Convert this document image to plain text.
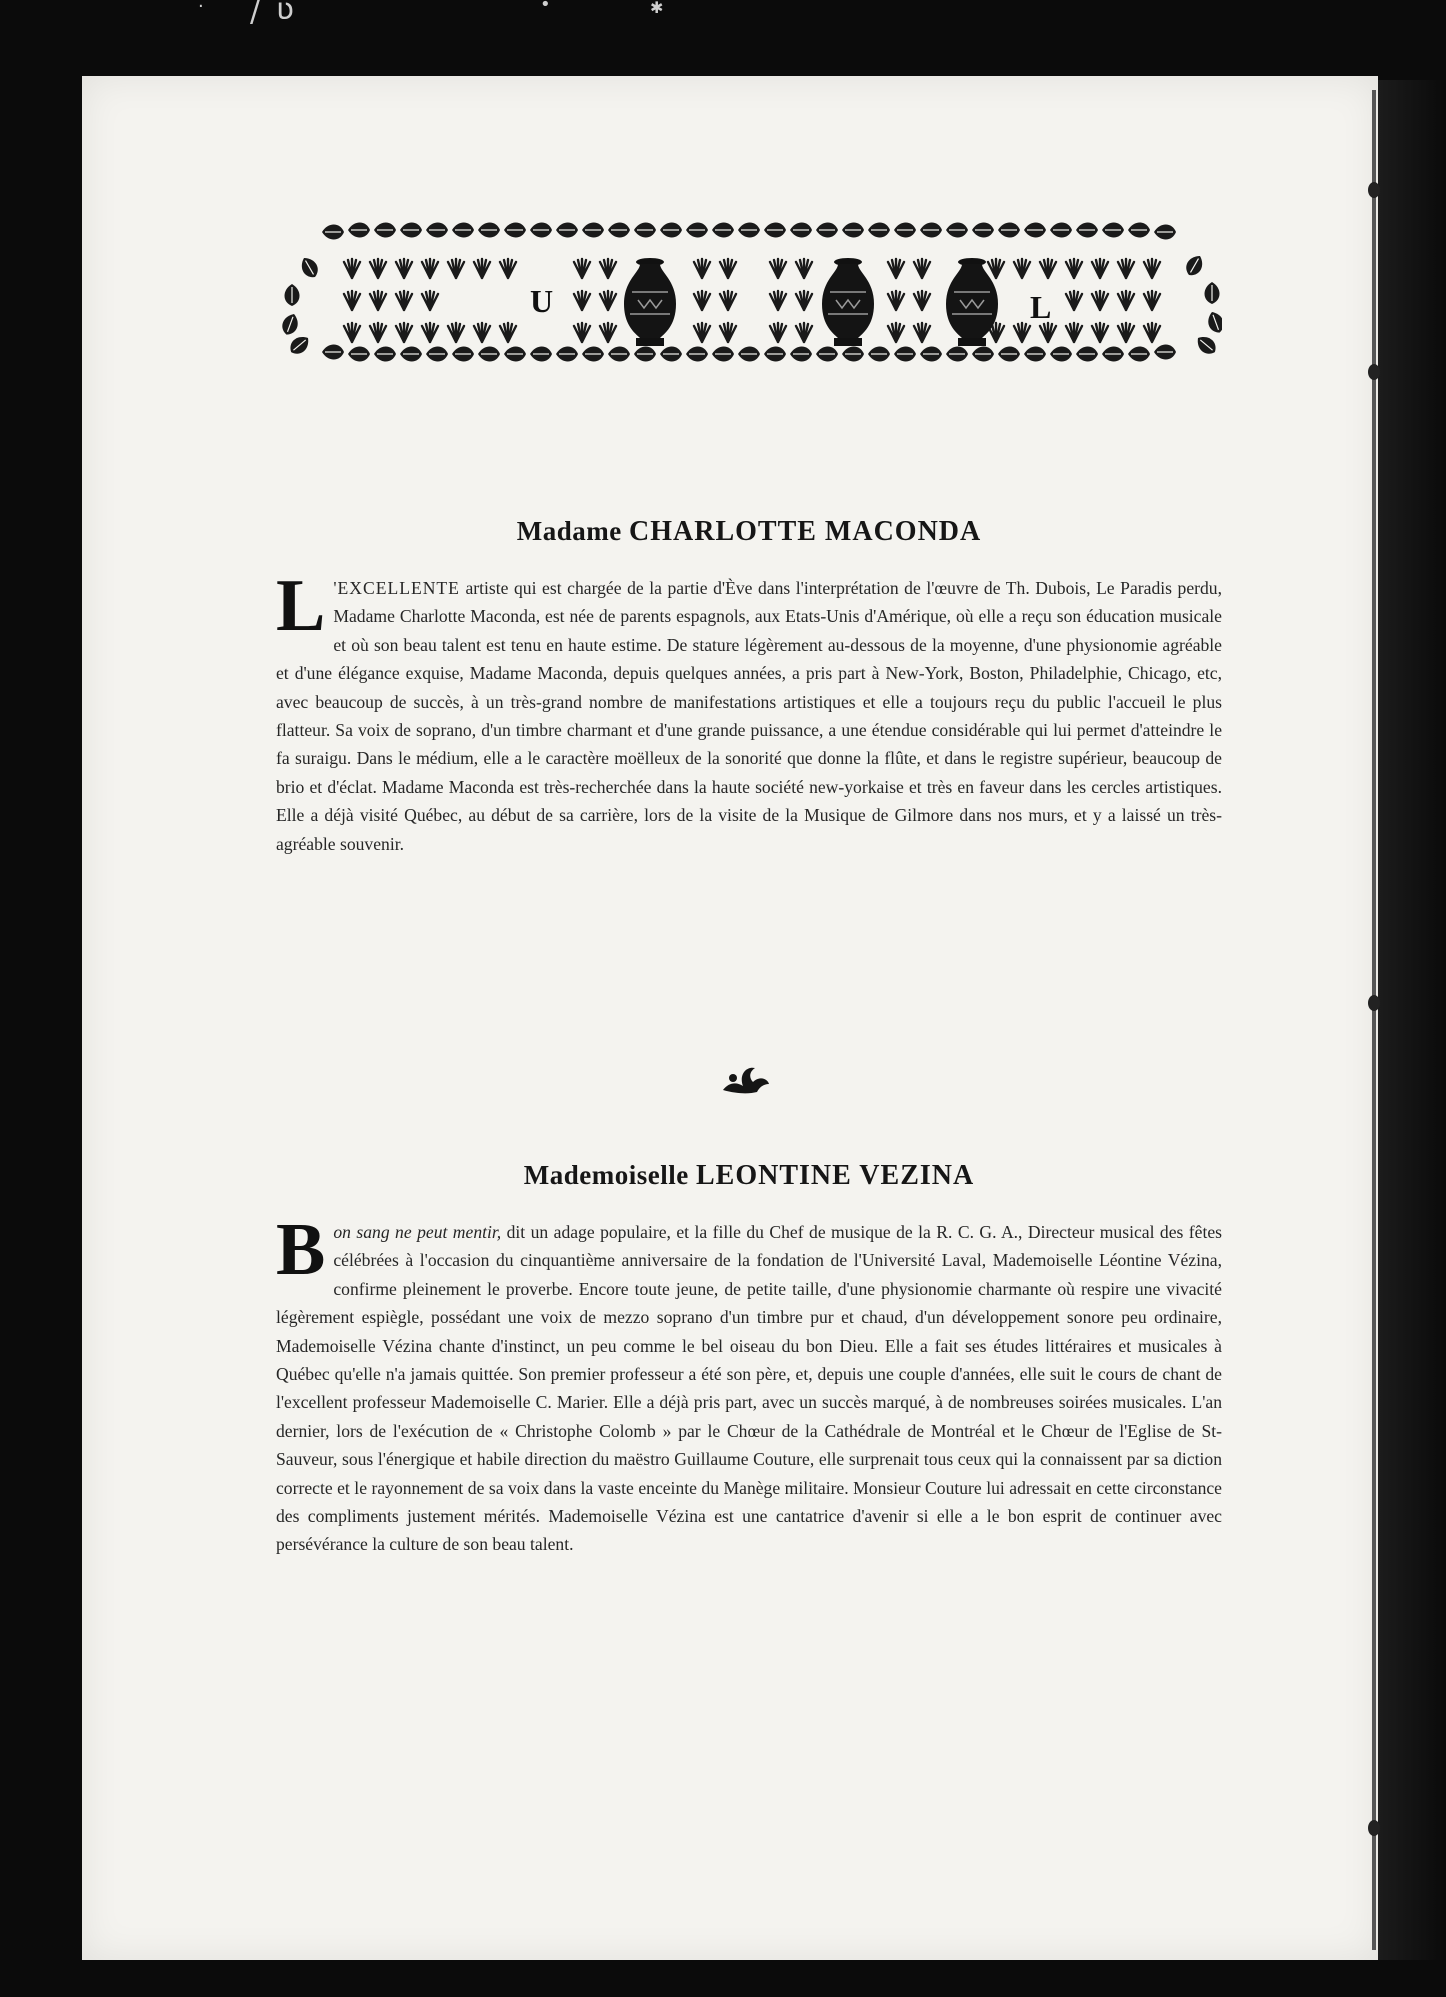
· / ʋ	•	✱
U	L
Madame CHARLOTTE MACONDA
L 'EXCELLENTE artiste qui est chargée de la partie d'Ève dans l'interprétation de l'œuvre de Th. Dubois, Le Paradis perdu, Madame Charlotte Maconda, est née de parents espagnols, aux Etats-Unis d'Amérique, où elle a reçu son éducation musicale et où son beau talent est tenu en haute estime. De stature légèrement au-dessous de la moyenne, d'une physionomie agréable et d'une élégance exquise, Madame Maconda, depuis quelques années, a pris part à New-York, Boston, Philadelphie, Chicago, etc, avec beaucoup de succès, à un très-grand nombre de manifestations artistiques et elle a toujours reçu du public l'accueil le plus flatteur. Sa voix de soprano, d'un timbre charmant et d'une grande puissance, a une étendue considérable qui lui permet d'atteindre le fa suraigu. Dans le médium, elle a le caractère moëlleux de la sonorité que donne la flûte, et dans le registre supérieur, beaucoup de brio et d'éclat. Madame Maconda est très-recherchée dans la haute société new-yorkaise et très en faveur dans les cercles artistiques. Elle a déjà visité Québec, au début de sa carrière, lors de la visite de la Musique de Gilmore dans nos murs, et y a laissé un très-agréable souvenir.
Mademoiselle LEONTINE VEZINA
Bon sang ne peut mentir, dit un adage populaire, et la fille du Chef de musique de la R. C. G. A., Directeur musical des fêtes célébrées à l'occasion du cinquantième anniversaire de la fondation de l'Université Laval, Mademoiselle Léontine Vézina, confirme pleinement le proverbe. Encore toute jeune, de petite taille, d'une physionomie charmante où respire une vivacité légèrement espiègle, possédant une voix de mezzo soprano d'un timbre pur et chaud, d'un développement sonore peu ordinaire, Mademoiselle Vézina chante d'instinct, un peu comme le bel oiseau du bon Dieu. Elle a fait ses études littéraires et musicales à Québec qu'elle n'a jamais quittée. Son premier professeur a été son père, et, depuis une couple d'années, elle suit le cours de chant de l'excellent professeur Mademoiselle C. Marier. Elle a déjà pris part, avec un succès marqué, à de nombreuses soirées musicales. L'an dernier, lors de l'exécution de « Christophe Colomb » par le Chœur de la Cathédrale de Montréal et le Chœur de l'Eglise de St-Sauveur, sous l'énergique et habile direction du maëstro Guillaume Couture, elle surprenait tous ceux qui la connaissent par sa diction correcte et le rayonnement de sa voix dans la vaste enceinte du Manège militaire. Monsieur Couture lui adressait en cette circonstance des compliments justement mérités. Mademoiselle Vézina est une cantatrice d'avenir si elle a le bon esprit de continuer avec persévérance la culture de son beau talent.
